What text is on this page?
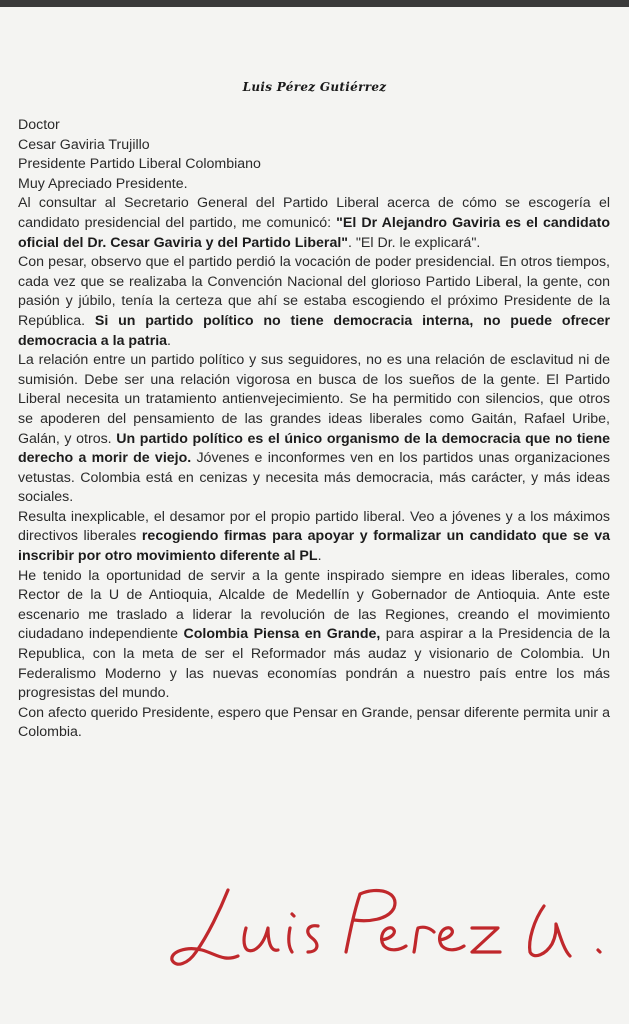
Luis Pérez Gutiérrez

Doctor

Cesar Gaviria Trujillo

Presidente Partido Liberal Colombiano

Muy Apreciado Presidente.

Al consultar al Secretario General del Partido Liberal acerca de cómo se escogería el candidato presidencial del partido, me comunicó: "El Dr Alejandro Gaviria es el candidato oficial del Dr. Cesar Gaviria y del Partido Liberal". "El Dr. le explicará".

Con pesar, observo que el partido perdió la vocación de poder presidencial. En otros tiempos, cada vez que se realizaba la Convención Nacional del glorioso Partido Liberal, la gente, con pasión y júbilo, tenía la certeza que ahí se estaba escogiendo el próximo Presidente de la República. Si un partido político no tiene democracia interna, no puede ofrecer democracia a la patria.

La relación entre un partido político y sus seguidores, no es una relación de esclavitud ni de sumisión. Debe ser una relación vigorosa en busca de los sueños de la gente. El Partido Liberal necesita un tratamiento antienvejecimiento. Se ha permitido con silencios, que otros se apoderen del pensamiento de las grandes ideas liberales como Gaitán, Rafael Uribe, Galán, y otros. Un partido político es el único organismo de la democracia que no tiene derecho a morir de viejo. Jóvenes e inconformes ven en los partidos unas organizaciones vetustas. Colombia está en cenizas y necesita más democracia, más carácter, y más ideas sociales.

Resulta inexplicable, el desamor por el propio partido liberal. Veo a jóvenes y a los máximos directivos liberales recogiendo firmas para apoyar y formalizar un candidato que se va inscribir por otro movimiento diferente al PL.

He tenido la oportunidad de servir a la gente inspirado siempre en ideas liberales, como Rector de la U de Antioquia, Alcalde de Medellín y Gobernador de Antioquia. Ante este escenario me traslado a liderar la revolución de las Regiones, creando el movimiento ciudadano independiente Colombia Piensa en Grande, para aspirar a la Presidencia de la Republica, con la meta de ser el Reformador más audaz y visionario de Colombia. Un Federalismo Moderno y las nuevas economías pondrán a nuestro país entre los más progresistas del mundo.

Con afecto querido Presidente, espero que Pensar en Grande, pensar diferente permita unir a Colombia.
